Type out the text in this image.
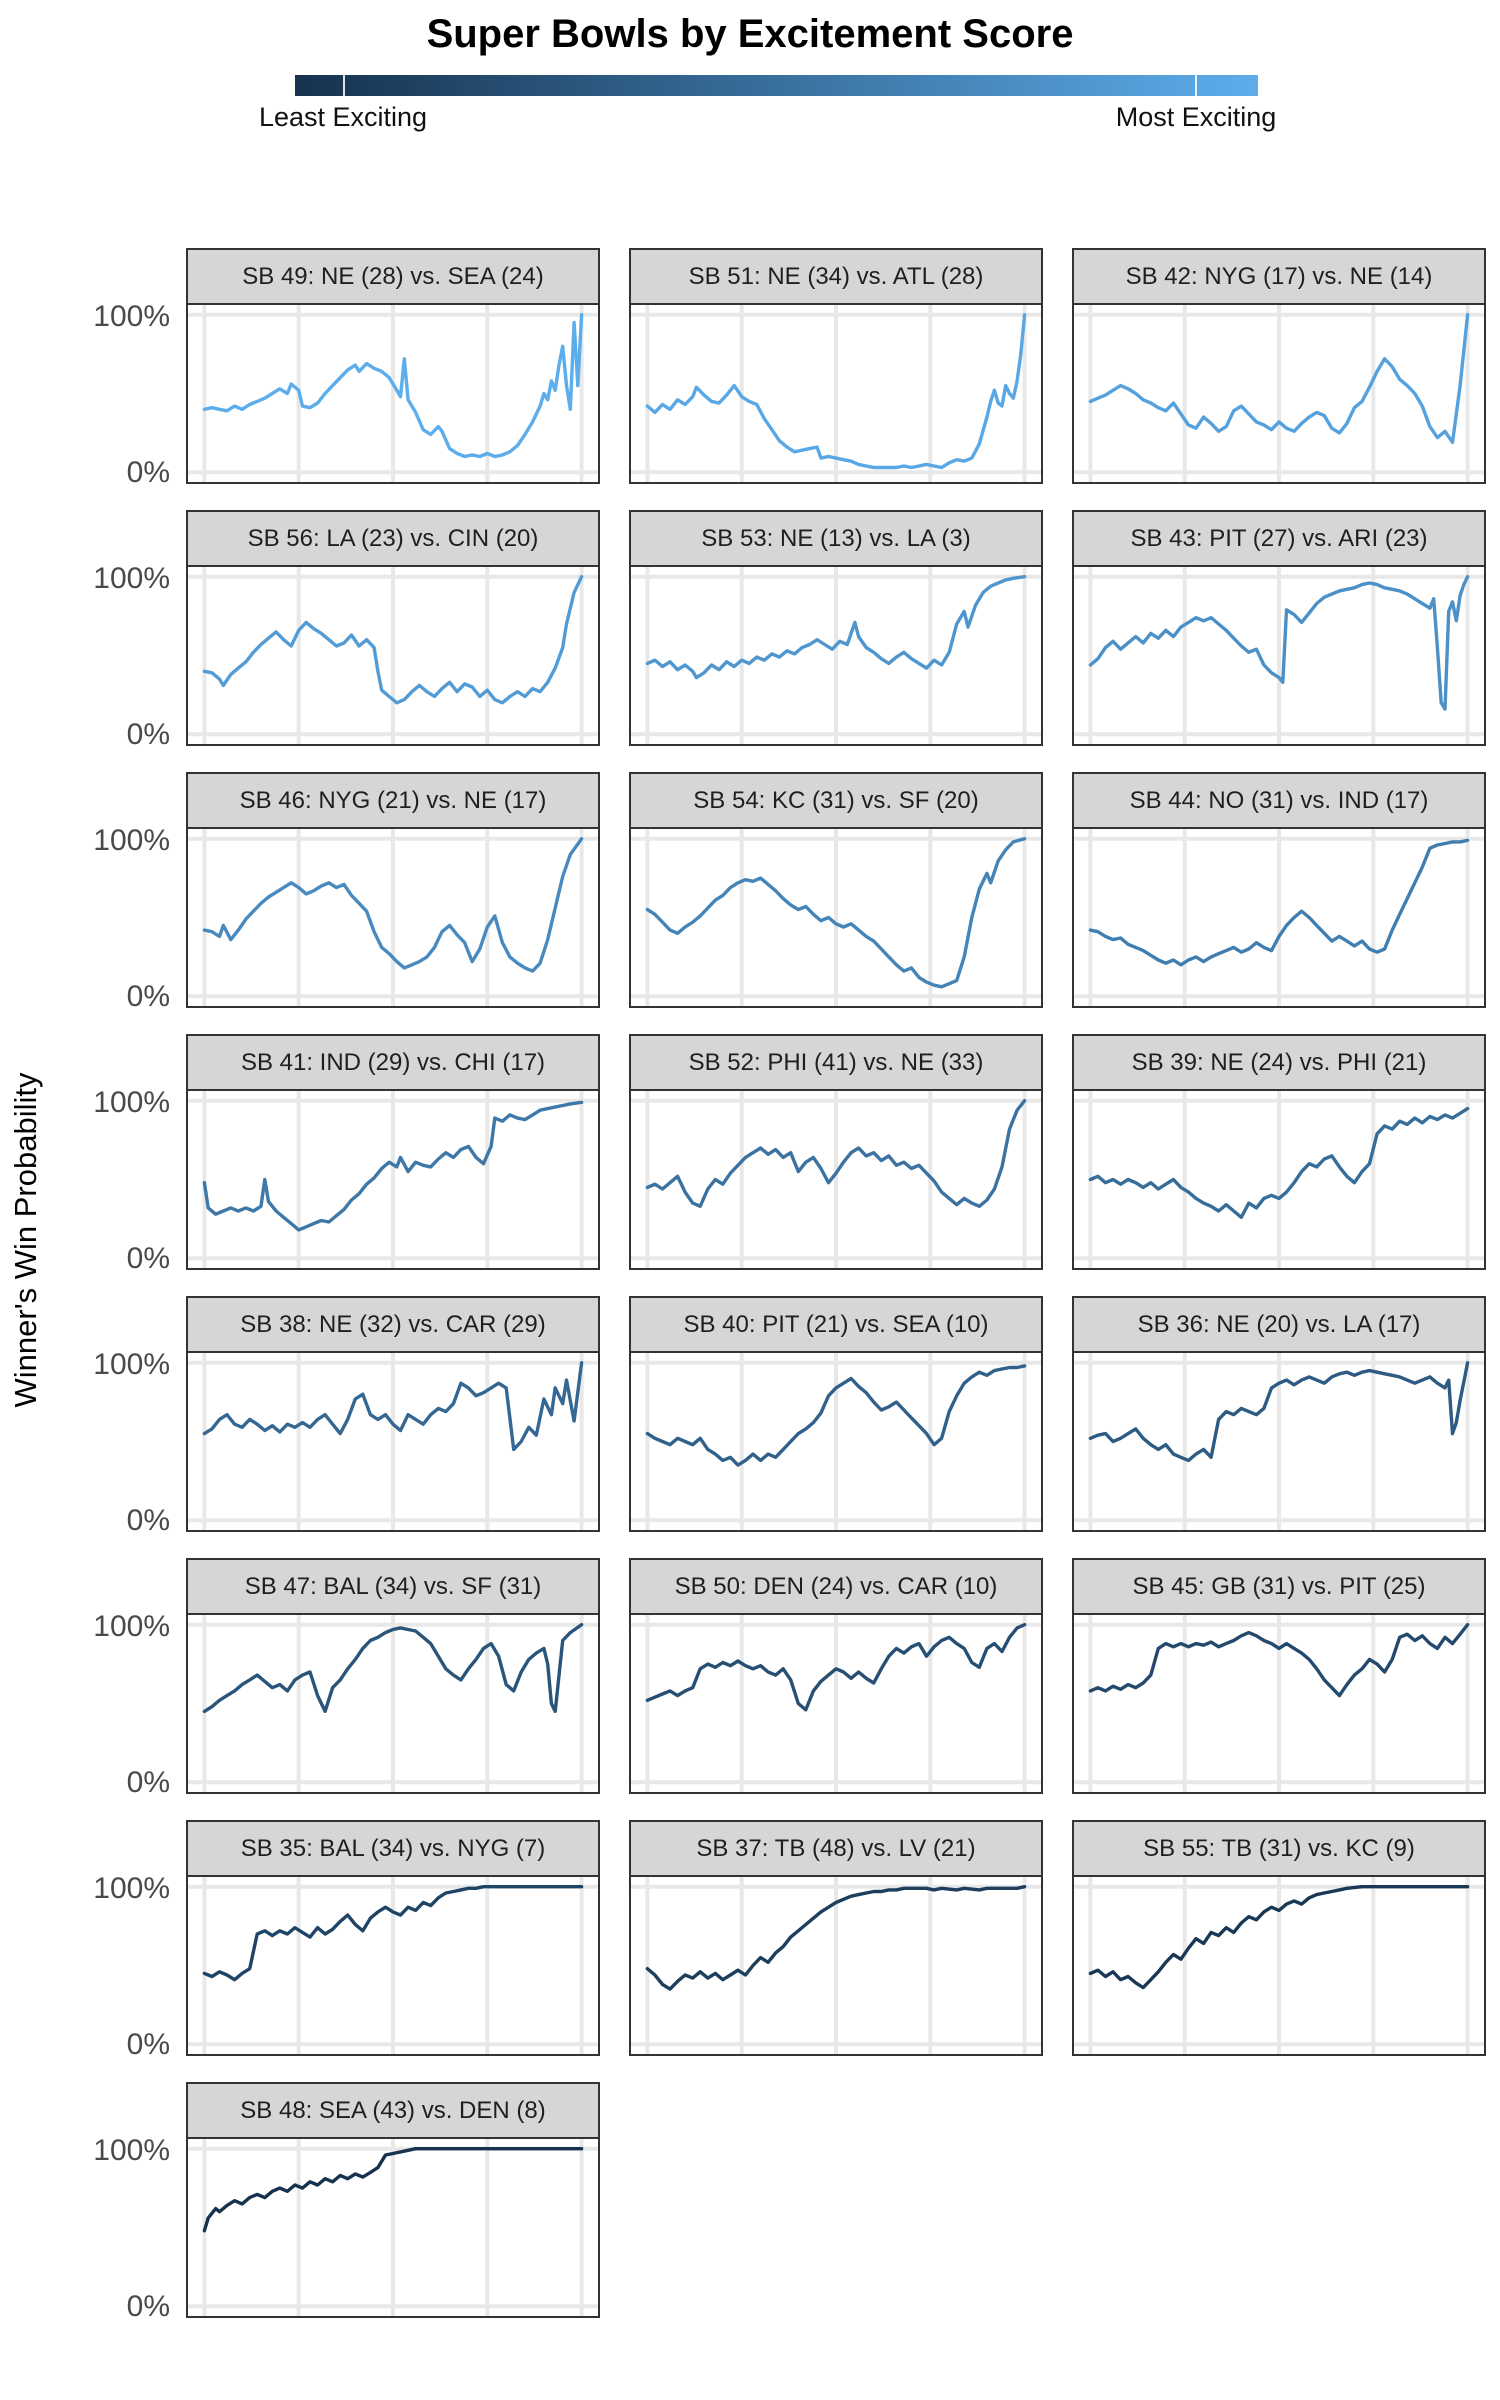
Super Bowls by Excitement Score
Least Exciting	Most Exciting
Winner's Win Probability
100%
0%
SB 49: NE (28) vs. SEA (24)	SB 51: NE (34) vs. ATL (28)	SB 42: NYG (17) vs. NE (14)
100%
0%
SB 56: LA (23) vs. CIN (20)	SB 53: NE (13) vs. LA (3)	SB 43: PIT (27) vs. ARI (23)
100%
0%
SB 46: NYG (21) vs. NE (17)	SB 54: KC (31) vs. SF (20)	SB 44: NO (31) vs. IND (17)
100%
0%
SB 41: IND (29) vs. CHI (17)	SB 52: PHI (41) vs. NE (33)	SB 39: NE (24) vs. PHI (21)
100%
0%
SB 38: NE (32) vs. CAR (29)	SB 40: PIT (21) vs. SEA (10)	SB 36: NE (20) vs. LA (17)
100%
0%
SB 47: BAL (34) vs. SF (31)	SB 50: DEN (24) vs. CAR (10)	SB 45: GB (31) vs. PIT (25)
100%
0%
SB 35: BAL (34) vs. NYG (7)	SB 37: TB (48) vs. LV (21)	SB 55: TB (31) vs. KC (9)
100%
0%
SB 48: SEA (43) vs. DEN (8)
